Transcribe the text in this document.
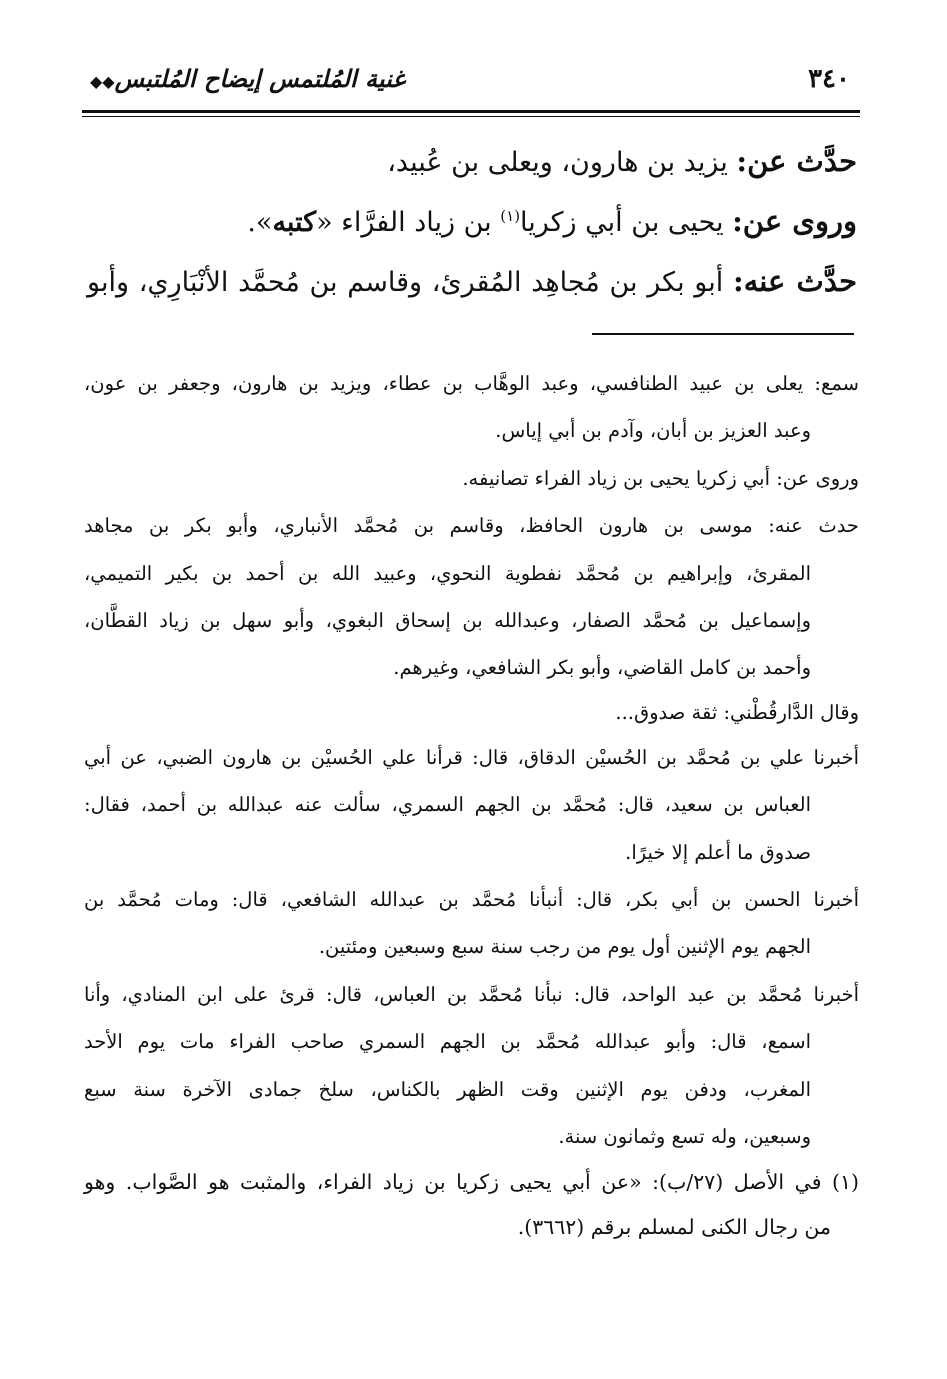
٣٤٠
غنية المُلتمس إيضاح المُلتبس◆◆
حدَّث عن: يزيد بن هارون، ويعلى بن عُبيد،
وروى عن: يحيى بن أبي زكريا$^{(١)}$ بن زياد الفرَّاء «كتبه».
حدَّث عنه: أبو بكر بن مُجاهِد المُقرئ، وقاسم بن مُحمَّد الأنْبَارِي، وأبو
سمع: يعلى بن عبيد الطنافسي، وعبد الوهَّاب بن عطاء، ويزيد بن هارون، وجعفر بن عون،
وعبد العزيز بن أبان، وآدم بن أبي إياس.
وروى عن: أبي زكريا يحيى بن زياد الفراء تصانيفه.
حدث عنه: موسى بن هارون الحافظ، وقاسم بن مُحمَّد الأنباري، وأبو بكر بن مجاهد
المقرئ، وإبراهيم بن مُحمَّد نفطوية النحوي، وعبيد الله بن أحمد بن بكير التميمي،
وإسماعيل بن مُحمَّد الصفار، وعبدالله بن إسحاق البغوي، وأبو سهل بن زياد القطَّان،
وأحمد بن كامل القاضي، وأبو بكر الشافعي، وغيرهم.
وقال الدَّارقُطْني: ثقة صدوق...
أخبرنا علي بن مُحمَّد بن الحُسيْن الدقاق، قال: قرأنا علي الحُسيْن بن هارون الضبي، عن أبي
العباس بن سعيد، قال: مُحمَّد بن الجهم السمري، سألت عنه عبدالله بن أحمد، فقال:
صدوق ما أعلم إلا خيرًا.
أخبرنا الحسن بن أبي بكر، قال: أنبأنا مُحمَّد بن عبدالله الشافعي، قال: ومات مُحمَّد بن
الجهم يوم الإثنين أول يوم من رجب سنة سبع وسبعين ومئتين.
أخبرنا مُحمَّد بن عبد الواحد، قال: نبأنا مُحمَّد بن العباس، قال: قرئ على ابن المنادي، وأنا
اسمع، قال: وأبو عبدالله مُحمَّد بن الجهم السمري صاحب الفراء مات يوم الأحد
المغرب، ودفن يوم الإثنين وقت الظهر بالكناس، سلخ جمادى الآخرة سنة سبع
وسبعين، وله تسع وثمانون سنة.
(١) في الأصل (٢٧/ب): «عن أبي يحيى زكريا بن زياد الفراء، والمثبت هو الصَّواب. وهو
من رجال الكنى لمسلم برقم (٣٦٦٢).
